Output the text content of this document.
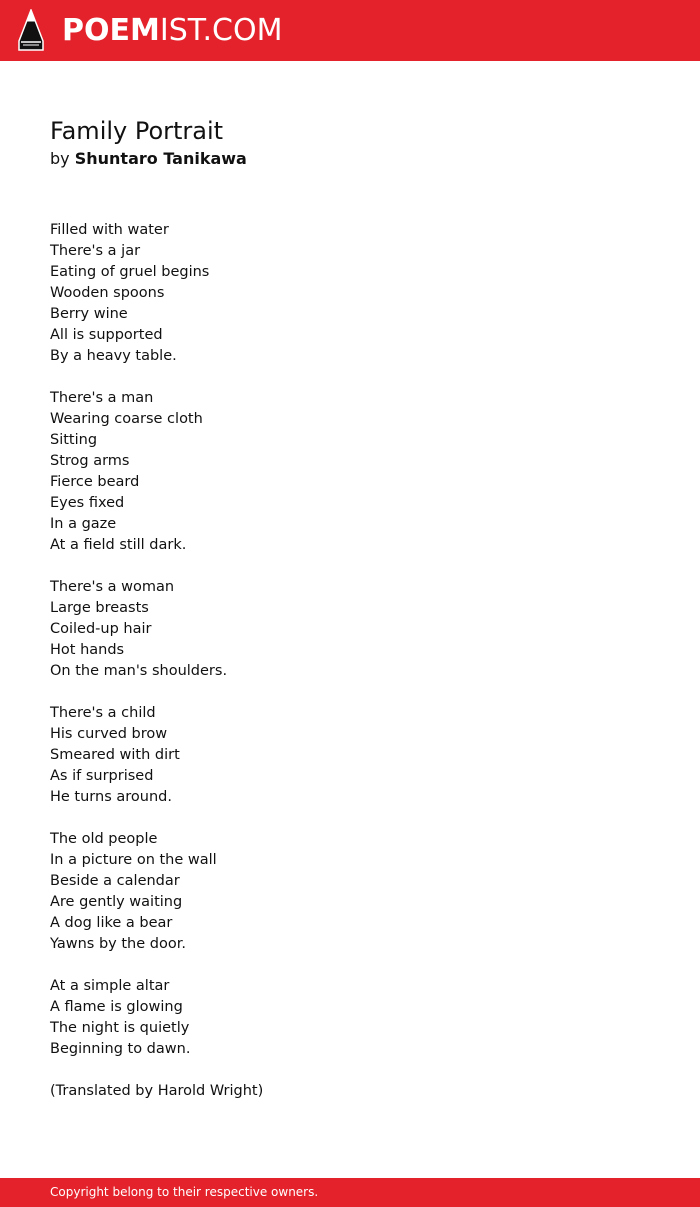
POEMIST.COM
Family Portrait

by Shuntaro Tanikawa

Filled with water
There's a jar
Eating of gruel begins
Wooden spoons
Berry wine
All is supported
By a heavy table.
There's a man
Wearing coarse cloth
Sitting
Strog arms
Fierce beard
Eyes fixed
In a gaze
At a field still dark.
There's a woman
Large breasts
Coiled-up hair
Hot hands
On the man's shoulders.
There's a child
His curved brow
Smeared with dirt
As if surprised
He turns around.
The old people
In a picture on the wall
Beside a calendar
Are gently waiting
A dog like a bear
Yawns by the door.
At a simple altar
A flame is glowing
The night is quietly
Beginning to dawn.
(Translated by Harold Wright)
Copyright belong to their respective owners.
